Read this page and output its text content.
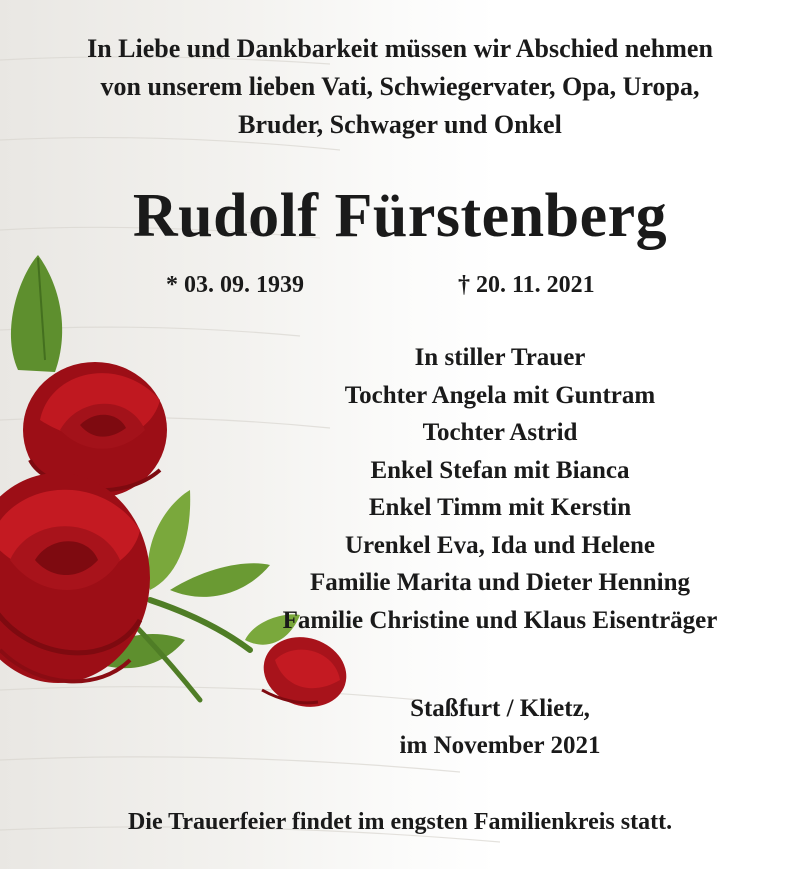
In Liebe und Dankbarkeit müssen wir Abschied nehmen
von unserem lieben Vati, Schwiegervater, Opa, Uropa,
Bruder, Schwager und Onkel
Rudolf Fürstenberg
* 03. 09. 1939	† 20. 11. 2021
In stiller Trauer
Tochter Angela mit Guntram
Tochter Astrid
Enkel Stefan mit Bianca
Enkel Timm mit Kerstin
Urenkel Eva, Ida und Helene
Familie Marita und Dieter Henning
Familie Christine und Klaus Eisenträger
Staßfurt / Klietz,
im November 2021
Die Trauerfeier findet im engsten Familienkreis statt.
